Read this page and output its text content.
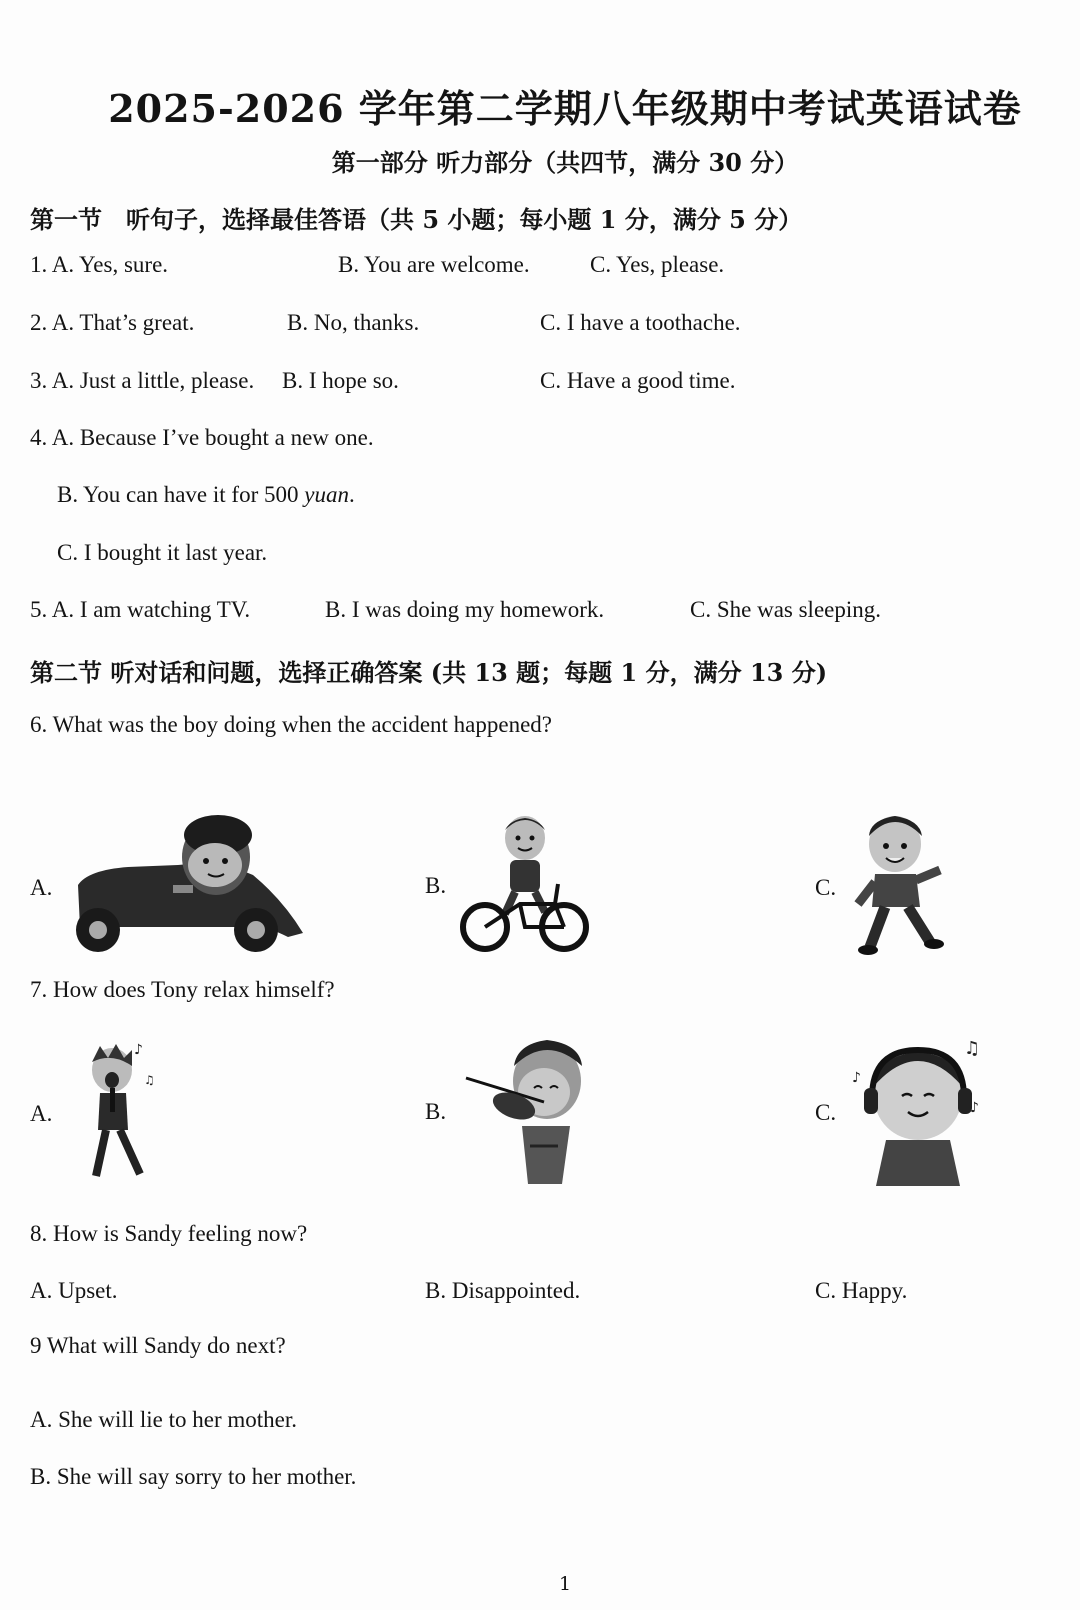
2025-2026 学年第二学期八年级期中考试英语试卷
第一部分 听力部分（共四节，满分 30 分）
第一节　听句子，选择最佳答语（共 5 小题；每小题 1 分，满分 5 分）
1. A. Yes, sure.	B. You are welcome.	C. Yes, please.
2. A. That’s great.	B. No, thanks.	C. I have a toothache.
3. A. Just a little, please. B. I hope so.	C. Have a good time.
4. A. Because I’ve bought a new one.
B. You can have it for 500 yuan.
C. I bought it last year.
5. A. I am watching TV.	B. I was doing my homework.	C. She was sleeping.
第二节 听对话和问题，选择正确答案 (共 13 题；每题 1 分，满分 13 分)
6. What was the boy doing when the accident happened?
A.	B.	C.
7. How does Tony relax himself?
A.	B.	C.
♪
♫
♫
♪
♪
8. How is Sandy feeling now?
A. Upset.	B. Disappointed.	C. Happy.
9 What will Sandy do next?
A. She will lie to her mother.
B. She will say sorry to her mother.
1
